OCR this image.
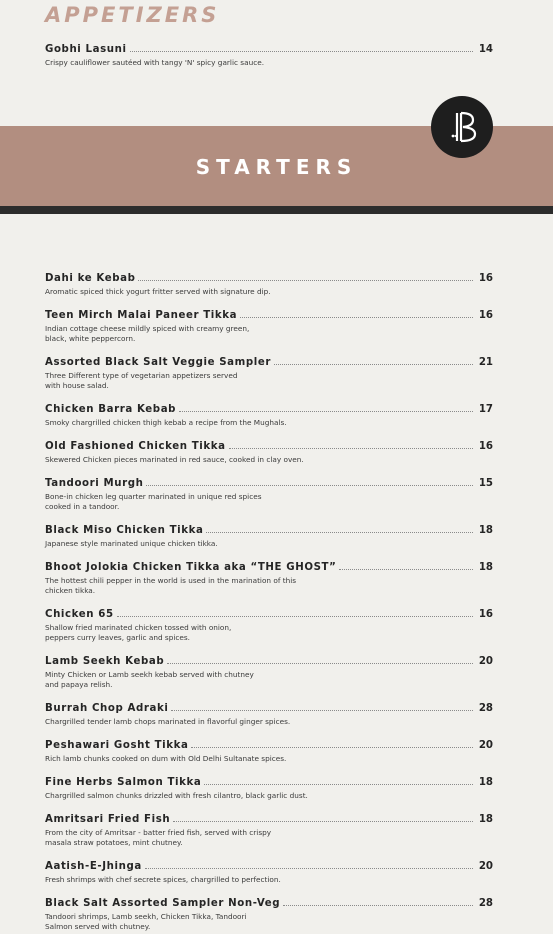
APPETIZERS
Gobhi Lasuni	14
Crispy cauliflower sautéed with tangy 'N' spicy garlic sauce.
STARTERS
Dahi ke Kebab	16
Aromatic spiced thick yogurt fritter served with signature dip.
Teen Mirch Malai Paneer Tikka	16
Indian cottage cheese mildly spiced with creamy green,
black, white peppercorn.
Assorted Black Salt Veggie Sampler	21
Three Different type of vegetarian appetizers served
with house salad.
Chicken Barra Kebab	17
Smoky chargrilled chicken thigh kebab a recipe from the Mughals.
Old Fashioned Chicken Tikka	16
Skewered Chicken pieces marinated in red sauce, cooked in clay oven.
Tandoori Murgh	15
Bone-in chicken leg quarter marinated in unique red spices
cooked in a tandoor.
Black Miso Chicken Tikka	18
Japanese style marinated unique chicken tikka.
Bhoot Jolokia Chicken Tikka aka “THE GHOST”	18
The hottest chili pepper in the world is used in the marination of this
chicken tikka.
Chicken 65	16
Shallow fried marinated chicken tossed with onion,
peppers curry leaves, garlic and spices.
Lamb Seekh Kebab	20
Minty Chicken or Lamb seekh kebab served with chutney
and papaya relish.
Burrah Chop Adraki	28
Chargrilled tender lamb chops marinated in flavorful ginger spices.
Peshawari Gosht Tikka	20
Rich lamb chunks cooked on dum with Old Delhi Sultanate spices.
Fine Herbs Salmon Tikka	18
Chargrilled salmon chunks drizzled with fresh cilantro, black garlic dust.
Amritsari Fried Fish	18
From the city of Amritsar - batter fried fish, served with crispy
masala straw potatoes, mint chutney.
Aatish-E-Jhinga	20
Fresh shrimps with chef secrete spices, chargrilled to perfection.
Black Salt Assorted Sampler Non-Veg	28
Tandoori shrimps, Lamb seekh, Chicken Tikka, Tandoori
Salmon served with chutney.
